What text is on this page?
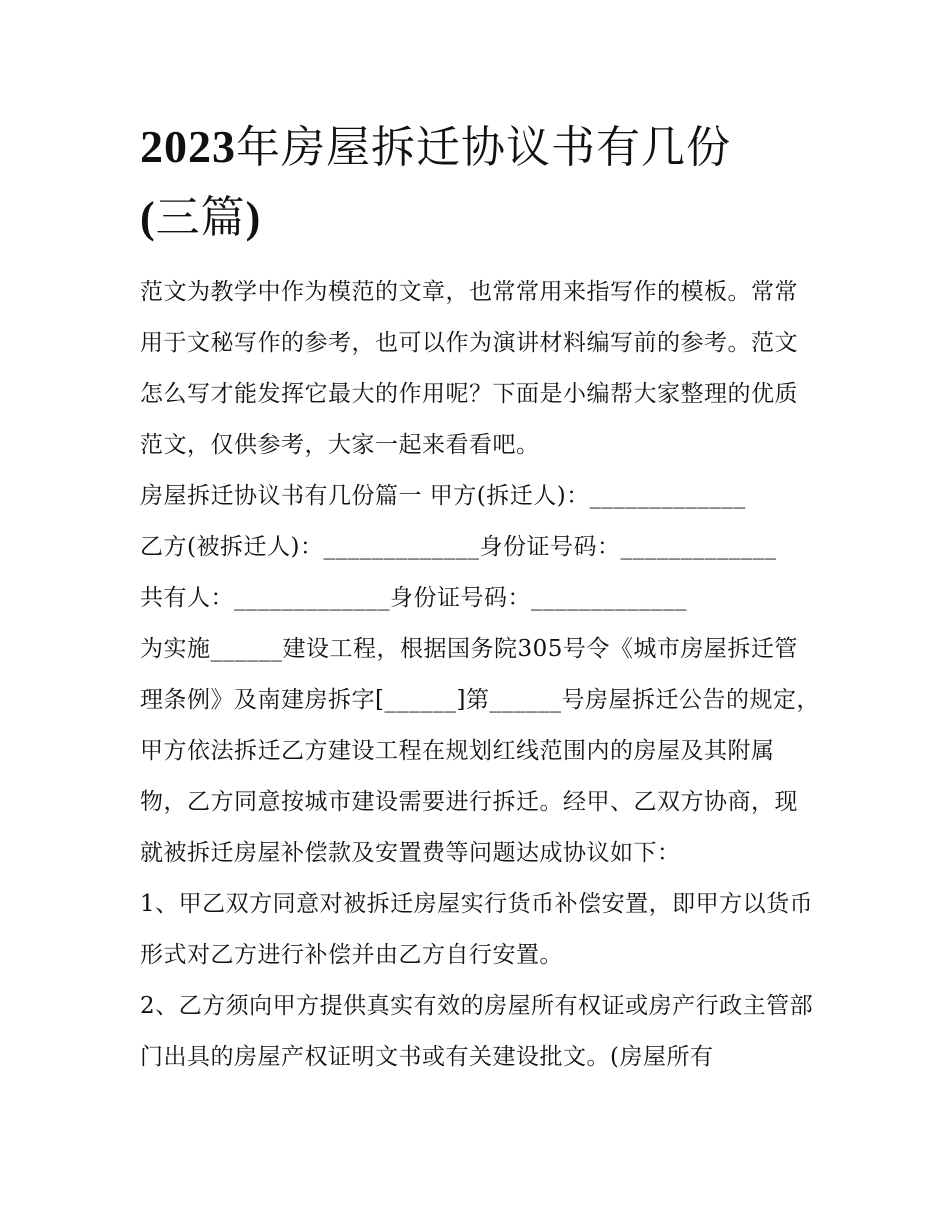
2023年房屋拆迁协议书有几份
(三篇)

范文为教学中作为模范的文章，也常常用来指写作的模板。常常用于文秘写作的参考，也可以作为演讲材料编写前的参考。范文怎么写才能发挥它最大的作用呢？下面是小编帮大家整理的优质范文，仅供参考，大家一起来看看吧。

房屋拆迁协议书有几份篇一 甲方(拆迁人)：_____________

乙方(被拆迁人)：_____________身份证号码：_____________

共有人：_____________身份证号码：_____________

为实施______建设工程，根据国务院305号令《城市房屋拆迁管理条例》及南建房拆字[______]第______号房屋拆迁公告的规定，甲方依法拆迁乙方建设工程在规划红线范围内的房屋及其附属物，乙方同意按城市建设需要进行拆迁。经甲、乙双方协商，现就被拆迁房屋补偿款及安置费等问题达成协议如下：

1、甲乙双方同意对被拆迁房屋实行货币补偿安置，即甲方以货币形式对乙方进行补偿并由乙方自行安置。

2、乙方须向甲方提供真实有效的房屋所有权证或房产行政主管部门出具的房屋产权证明文书或有关建设批文。(房屋所有
